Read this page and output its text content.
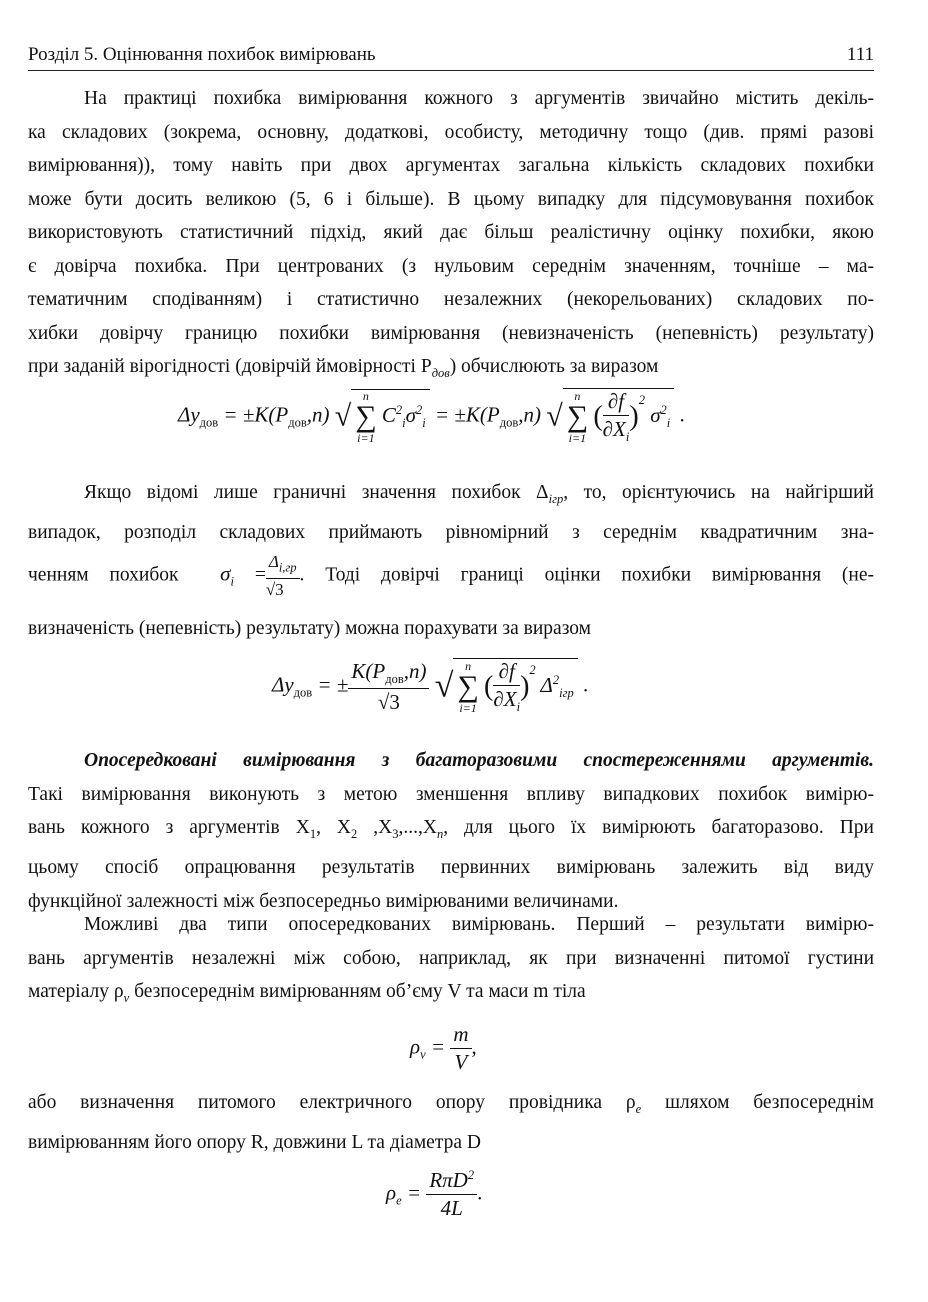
Розділ 5. Оцінювання похибок вимірювань	111
На практиці похибка вимірювання кожного з аргументів звичайно містить декіль-
ка складових (зокрема, основну, додаткові, особисту, методичну тощо (див. прямі разові
вимірювання)), тому навіть при двох аргументах загальна кількість складових похибки
може бути досить великою (5, 6 і більше). В цьому випадку для підсумовування похибок
використовують статистичний підхід, який дає більш реалістичну оцінку похибки, якою
є довірча похибка. При центрованих (з нульовим середнім значенням, точніше – ма-
тематичним сподіванням) і статистично незалежних (некорельованих) складових по-
хибки довірчу границю похибки вимірювання (невизначеність (непевність) результату)
при заданій вірогідності (довірчій ймовірності $P_{дов}$) обчислюють за виразом
$\Delta y_{дов} = \pm K(P_{дов},n)$ √
n
∑
i=1
$C^2_i\sigma^2_i = \pm K(P_{дов},n)$ √
n
∑
i=1
( $\frac{\partial f}{\partial X_i} )^2$ $\sigma^2_i$ .
Якщо відомі лише граничні значення похибок $\Delta_{ігр}$, то, орієнтуючись на найгірший
випадок, розподіл складових приймають рівномірний з середнім квадратичним зна-
ченням похибок $\sigma_i = \frac{\Delta_{і,гр}}{√3}$ . Тоді довірчі границі оцінки похибки вимірювання (не-
визначеність (непевність) результату) можна порахувати за виразом
$\Delta y_{дов}$ = ± $\frac{K(P_{дов},n)}{√3}$ √
n
∑
i=1
( $\frac{\partial f}{\partial X_i} )^2$ $\Delta^2_{ігр}$ .
Опосередковані вимірювання з багаторазовими спостереженнями аргументів.
Такі вимірювання виконують з метою зменшення впливу випадкових похибок вимірю-
вань кожного з аргументів $X_1$, $X_2$ $,X_3,...,X_n$, для цього їх вимірюють багаторазово. При
цьому спосіб опрацювання результатів первинних вимірювань залежить від виду
функційної залежності між безпосередньо вимірюваними величинами.
Можливі два типи опосередкованих вимірювань. Перший – результати вимірю-
вань аргументів незалежні між собою, наприклад, як при визначенні питомої густини
матеріалу $\rho_v$ безпосереднім вимірюванням об’єму V та маси m тіла
$\rho_v = \frac{m}{V}$ ,
або визначення питомого електричного опору провідника $\rho_e$ шляхом безпосереднім
вимірюванням його опору R, довжини L та діаметра D
$\rho_e = \frac{R\pi D^2}{4L}$ .
